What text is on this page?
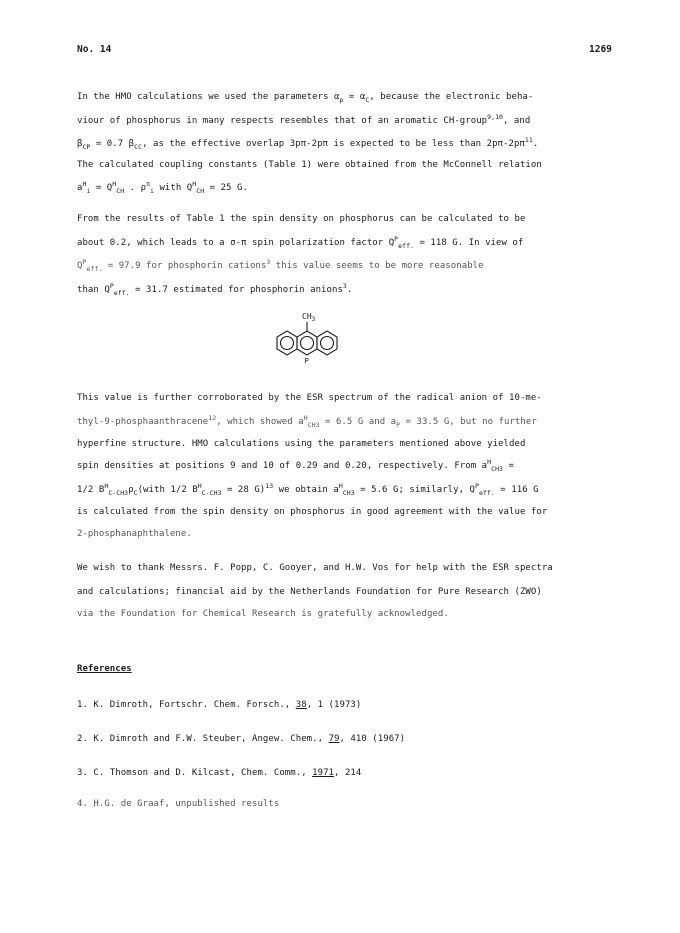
No. 14	1269
In the HMO calculations we used the parameters $\alpha_p = \alpha_C$, because the electronic beha-
viour of phosphorus in many respects resembles that of an aromatic CH-group$^{9,10}$, and
$\beta_{CP} = 0.7$ $\beta_{CC}$, as the effective overlap 3pπ-2pπ is expected to be less than $2p\pi-2p\pi^{11}$.
The calculated coupling constants (Table 1) were obtained from the McConnell relation
$a^H_i = Q^H_{CH}$ . $\rho^\pi_i$ with $Q^H_{CH} = 25$ G.
From the results of Table 1 the spin density on phosphorus can be calculated to be
about 0.2, which leads to a σ-π spin polarization factor $Q^P_{eff.} = 118$ G. In view of
$Q^P_{eff.} = 97.9$ for phosphorin cations$^3$ this value seems to be more reasonable
than $Q^P_{eff.} = 31.7$ estimated for phosphorin anions$^3$.
$CH_3$
P
This value is further corroborated by the ESR spectrum of the radical anion of 10-me-
thyl-9-phosphaanthracene$^{12}$, which showed $a^H_{CH3} = 6.5$ G and $a_P = 33.5$ G, but no further
hyperfine structure. HMO calculations using the parameters mentioned above yielded
spin densities at positions 9 and 10 of 0.29 and 0.20, respectively. From $a^H_{CH3}$ =
1/2 $B^H_{C-CH3}\rho_C(with$ 1/2 $B^H_{C-CH3} = 28$ G)$^{13}$ we obtain $a^H_{CH3} = 5.6$ G; similarly, $Q^P_{eff.} = 116$ G
is calculated from the spin density on phosphorus in good agreement with the value for
2-phosphanaphthalene.
We wish to thank Messrs. F. Popp, C. Gooyer, and H.W. Vos for help with the ESR spectra
and calculations; financial aid by the Netherlands Foundation for Pure Research (ZWO)
via the Foundation for Chemical Research is gratefully acknowledged.
References
1. K. Dimroth, Fortschr. Chem. Forsch., 38, 1 (1973)
2. K. Dimroth and F.W. Steuber, Angew. Chem., 79, 410 (1967)
3. C. Thomson and D. Kilcast, Chem. Comm., 1971, 214
4. H.G. de Graaf, unpublished results
